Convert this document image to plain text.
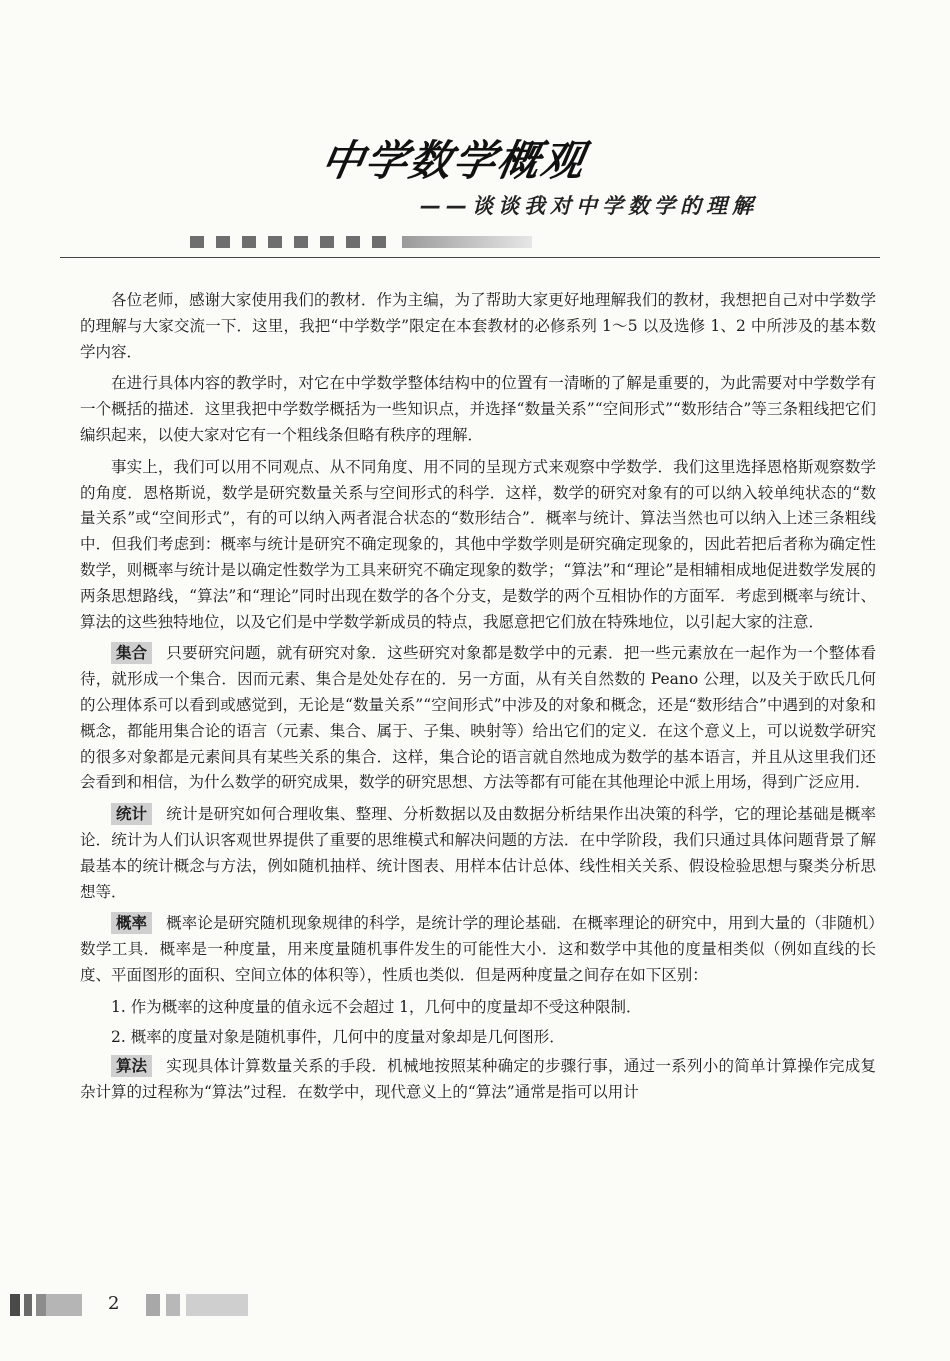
中学数学概观
——谈谈我对中学数学的理解

各位老师，感谢大家使用我们的教材．作为主编，为了帮助大家更好地理解我们的教材，我想把自己对中学数学的理解与大家交流一下．这里，我把“中学数学”限定在本套教材的必修系列 1～5 以及选修 1、2 中所涉及的基本数学内容．

在进行具体内容的教学时，对它在中学数学整体结构中的位置有一清晰的了解是重要的，为此需要对中学数学有一个概括的描述．这里我把中学数学概括为一些知识点，并选择“数量关系”“空间形式”“数形结合”等三条粗线把它们编织起来，以使大家对它有一个粗线条但略有秩序的理解．

事实上，我们可以用不同观点、从不同角度、用不同的呈现方式来观察中学数学．我们这里选择恩格斯观察数学的角度．恩格斯说，数学是研究数量关系与空间形式的科学．这样，数学的研究对象有的可以纳入较单纯状态的“数量关系”或“空间形式”，有的可以纳入两者混合状态的“数形结合”．概率与统计、算法当然也可以纳入上述三条粗线中．但我们考虑到：概率与统计是研究不确定现象的，其他中学数学则是研究确定现象的，因此若把后者称为确定性数学，则概率与统计是以确定性数学为工具来研究不确定现象的数学；“算法”和“理论”是相辅相成地促进数学发展的两条思想路线，“算法”和“理论”同时出现在数学的各个分支，是数学的两个互相协作的方面军．考虑到概率与统计、算法的这些独特地位，以及它们是中学数学新成员的特点，我愿意把它们放在特殊地位，以引起大家的注意．

集合 只要研究问题，就有研究对象．这些研究对象都是数学中的元素．把一些元素放在一起作为一个整体看待，就形成一个集合．因而元素、集合是处处存在的．另一方面，从有关自然数的 Peano 公理，以及关于欧氏几何的公理体系可以看到或感觉到，无论是“数量关系”“空间形式”中涉及的对象和概念，还是“数形结合”中遇到的对象和概念，都能用集合论的语言（元素、集合、属于、子集、映射等）给出它们的定义．在这个意义上，可以说数学研究的很多对象都是元素间具有某些关系的集合．这样，集合论的语言就自然地成为数学的基本语言，并且从这里我们还会看到和相信，为什么数学的研究成果，数学的研究思想、方法等都有可能在其他理论中派上用场，得到广泛应用．

统计 统计是研究如何合理收集、整理、分析数据以及由数据分析结果作出决策的科学，它的理论基础是概率论．统计为人们认识客观世界提供了重要的思维模式和解决问题的方法．在中学阶段，我们只通过具体问题背景了解最基本的统计概念与方法，例如随机抽样、统计图表、用样本估计总体、线性相关关系、假设检验思想与聚类分析思想等．

概率 概率论是研究随机现象规律的科学，是统计学的理论基础．在概率理论的研究中，用到大量的（非随机）数学工具．概率是一种度量，用来度量随机事件发生的可能性大小．这和数学中其他的度量相类似（例如直线的长度、平面图形的面积、空间立体的体积等），性质也类似．但是两种度量之间存在如下区别：

1. 作为概率的这种度量的值永远不会超过 1，几何中的度量却不受这种限制．

2. 概率的度量对象是随机事件，几何中的度量对象却是几何图形．

算法 实现具体计算数量关系的手段．机械地按照某种确定的步骤行事，通过一系列小的简单计算操作完成复杂计算的过程称为“算法”过程．在数学中，现代意义上的“算法”通常是指可以用计

2
